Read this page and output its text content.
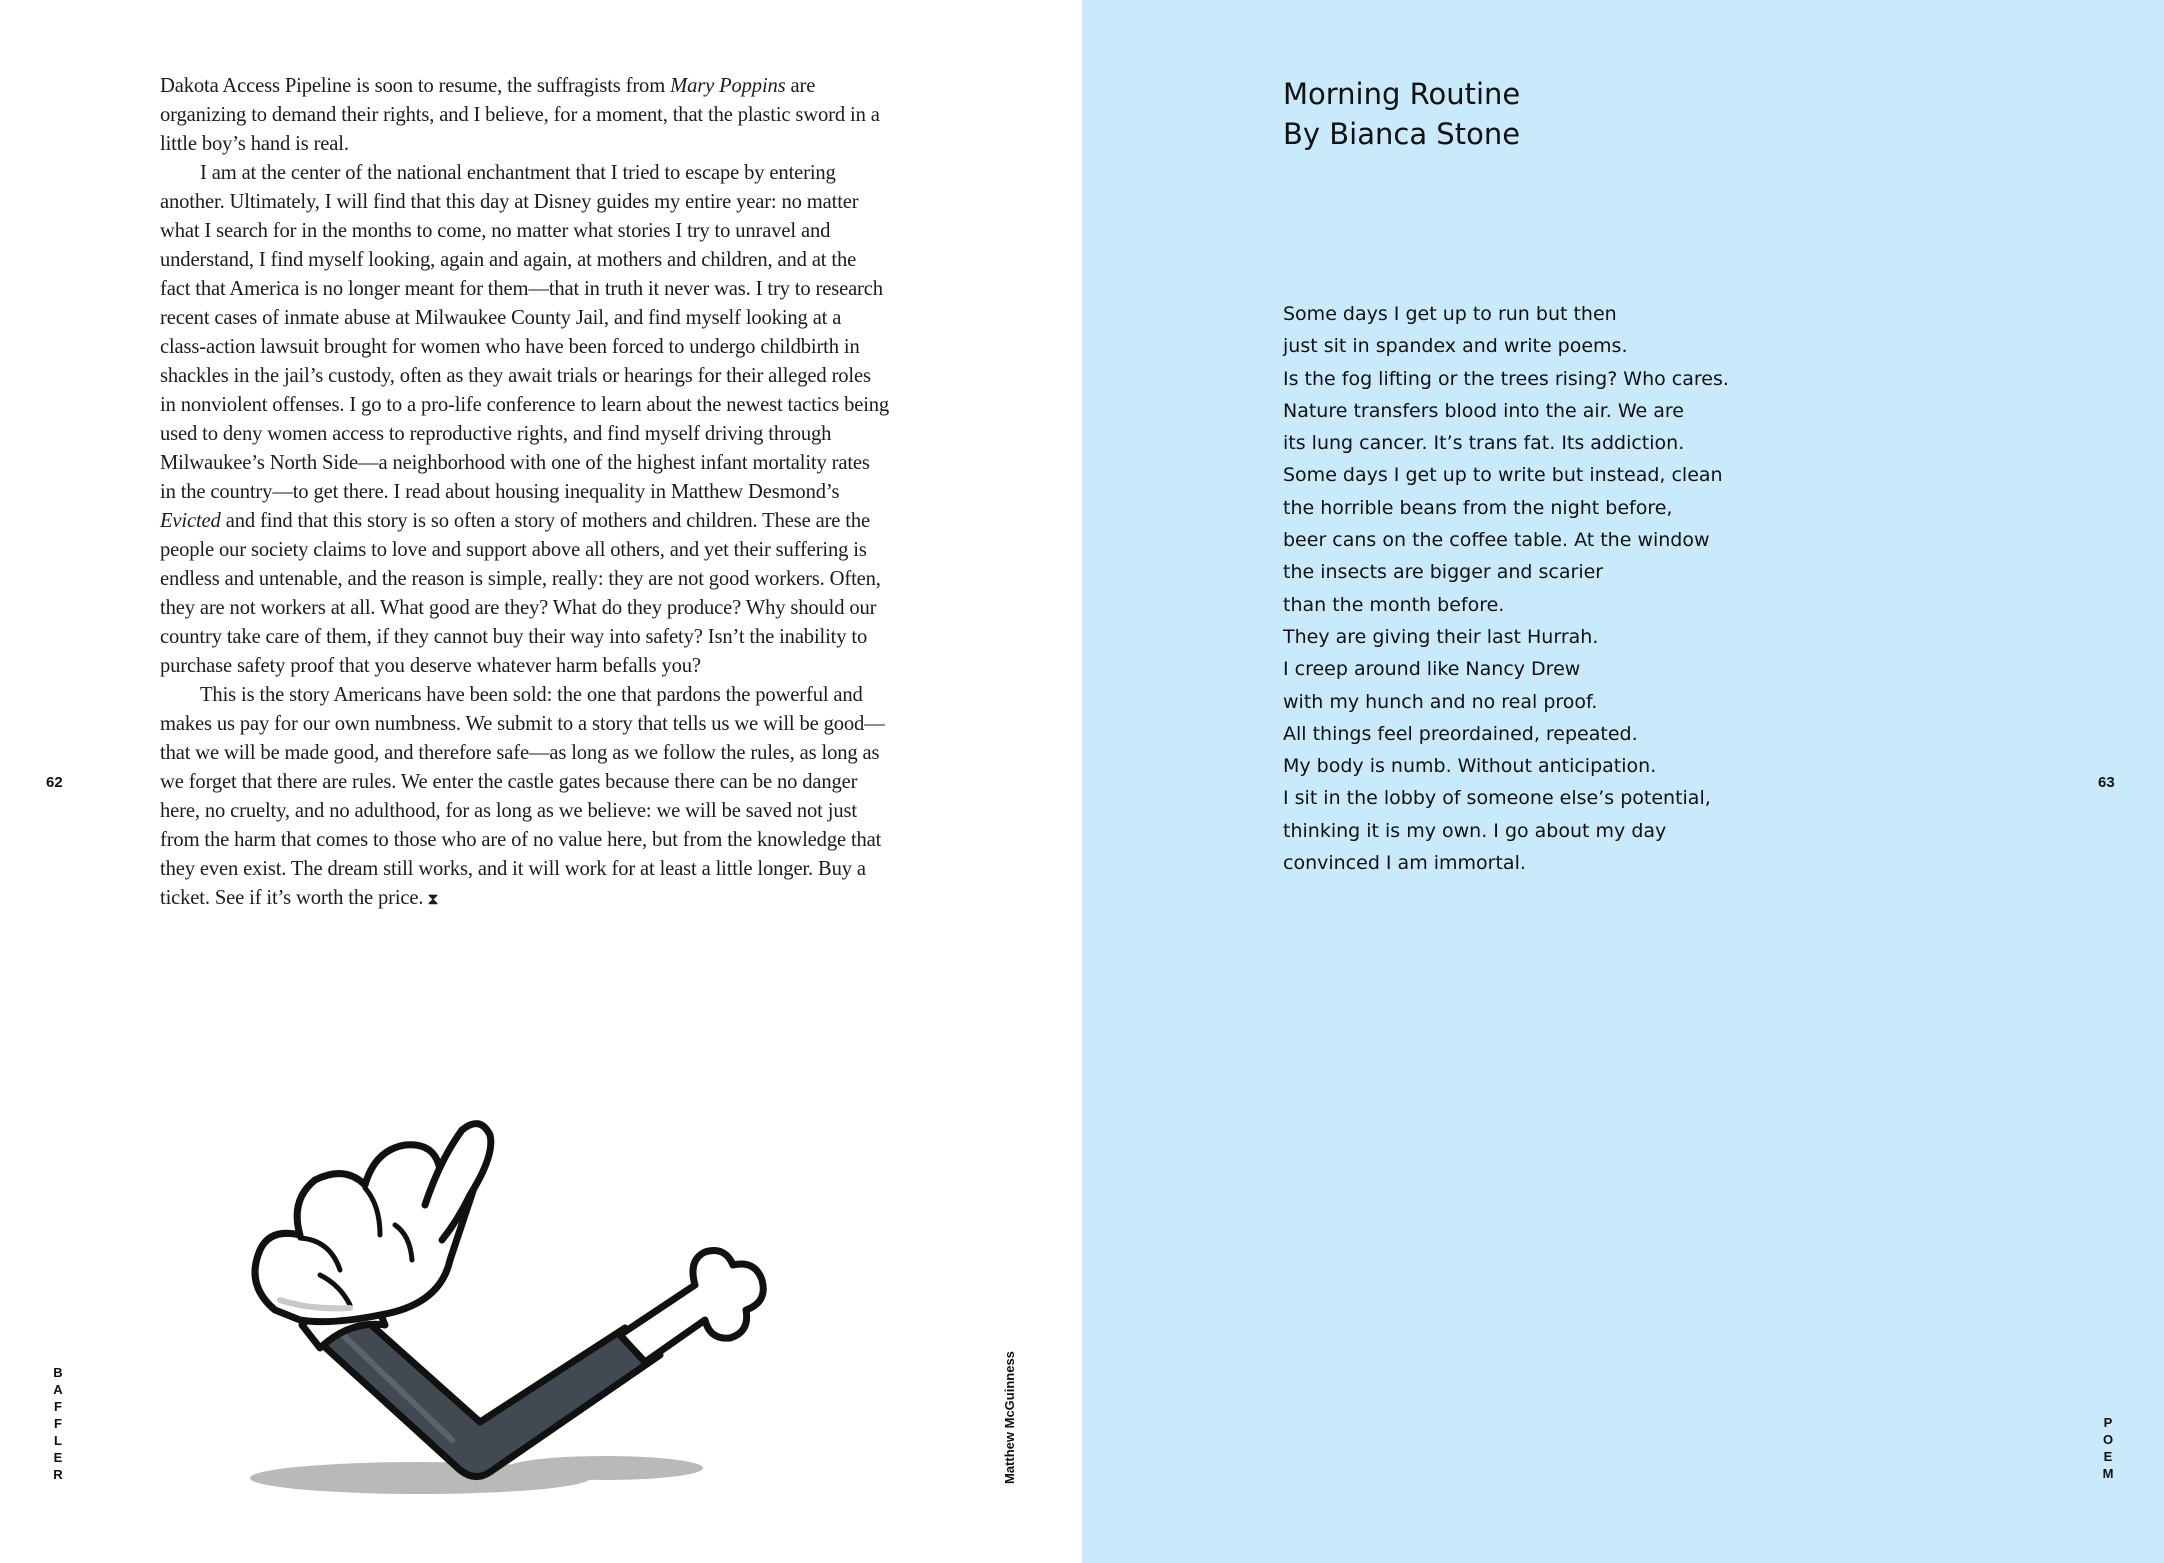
Dakota Access Pipeline is soon to resume, the suffragists from Mary Poppins are organizing to demand their rights, and I believe, for a moment, that the plastic sword in a little boy’s hand is real.

I am at the center of the national enchantment that I tried to escape by entering another. Ultimately, I will find that this day at Disney guides my entire year: no matter what I search for in the months to come, no matter what stories I try to unravel and understand, I find myself looking, again and again, at mothers and children, and at the fact that America is no longer meant for them—that in truth it never was. I try to research recent cases of inmate abuse at Milwaukee County Jail, and find myself looking at a class-action lawsuit brought for women who have been forced to undergo childbirth in shackles in the jail’s custody, often as they await trials or hearings for their alleged roles in nonviolent offenses. I go to a pro-life conference to learn about the newest tactics being used to deny women access to reproductive rights, and find myself driving through Milwaukee’s North Side—a neighborhood with one of the highest infant mortality rates in the country—to get there. I read about housing inequality in Matthew Desmond’s Evicted and find that this story is so often a story of mothers and children. These are the people our society claims to love and support above all others, and yet their suffering is endless and untenable, and the reason is simple, really: they are not good workers. Often, they are not workers at all. What good are they? What do they produce? Why should our country take care of them, if they cannot buy their way into safety? Isn’t the inability to purchase safety proof that you deserve whatever harm befalls you?

This is the story Americans have been sold: the one that pardons the powerful and makes us pay for our own numbness. We submit to a story that tells us we will be good—that we will be made good, and therefore safe—as long as we follow the rules, as long as we forget that there are rules. We enter the castle gates because there can be no danger here, no cruelty, and no adulthood, for as long as we believe: we will be saved not just from the harm that comes to those who are of no value here, but from the knowledge that they even exist. The dream still works, and it will work for at least a little longer. Buy a ticket. See if it’s worth the price. ⧗

62
B
A
F
F
L
E
R	Matthew McGuinness
Morning Routine
By Bianca Stone
Some days I get up to run but then
just sit in spandex and write poems.
Is the fog lifting or the trees rising? Who cares.
Nature transfers blood into the air. We are
its lung cancer. It’s trans fat. Its addiction.
Some days I get up to write but instead, clean
the horrible beans from the night before,
beer cans on the coffee table. At the window
the insects are bigger and scarier
than the month before.
They are giving their last Hurrah.
I creep around like Nancy Drew
with my hunch and no real proof.
All things feel preordained, repeated.
My body is numb. Without anticipation.
I sit in the lobby of someone else’s potential,
thinking it is my own. I go about my day
convinced I am immortal.
63
P
O
E
M
